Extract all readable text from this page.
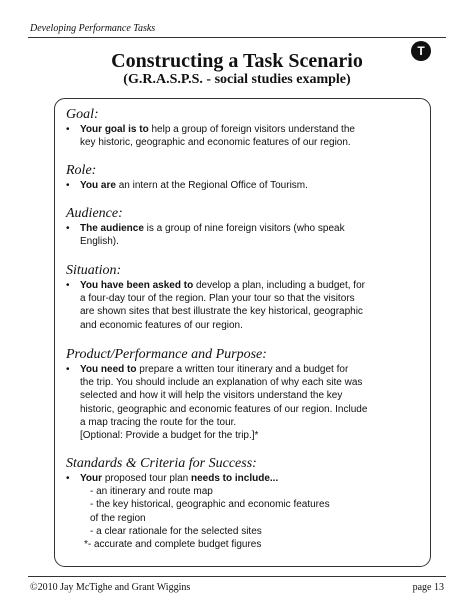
Developing Performance Tasks
Constructing a Task Scenario
(G.R.A.S.P.S. - social studies example)
T

Goal:

• Your goal is to help a group of foreign visitors understand the
key historic, geographic and economic features of our region.

Role:

• You are an intern at the Regional Office of Tourism.

Audience:

• The audience is a group of nine foreign visitors (who speak
English).

Situation:

• You have been asked to develop a plan, including a budget, for
a four-day tour of the region. Plan your tour so that the visitors
are shown sites that best illustrate the key historical, geographic
and economic features of our region.

Product/Performance and Purpose:

• You need to prepare a written tour itinerary and a budget for
the trip. You should include an explanation of why each site was
selected and how it will help the visitors understand the key
historic, geographic and economic features of our region. Include
a map tracing the route for the tour.
[Optional: Provide a budget for the trip.]*

Standards & Criteria for Success:

• Your proposed tour plan needs to include...
- an itinerary and route map
- the key historical, geographic and economic features
of the region
- a clear rationale for the selected sites
*- accurate and complete budget figures
©2010 Jay McTighe and Grant Wiggins	page 13
